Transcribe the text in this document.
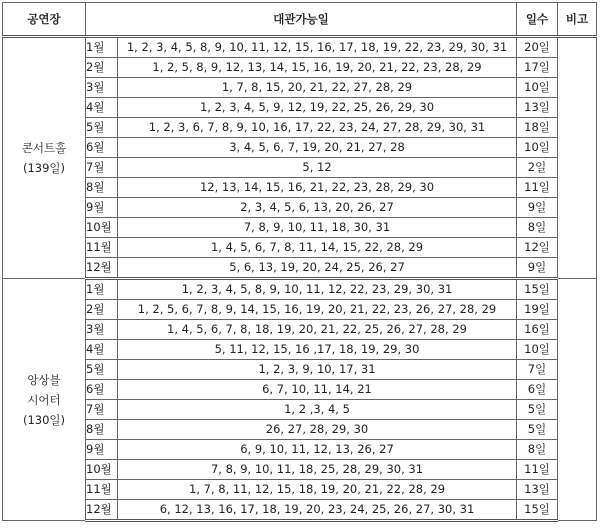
공연장	대관가능일		일수	비고

콘서트홀
(139일)	1월	1, 2, 3, 4, 5, 8, 9, 10, 11, 12, 15, 16, 17, 18, 19, 22, 23, 29, 30, 31	20일	
	2월	1, 2, 5, 8, 9, 12, 13, 14, 15, 16, 19, 20, 21, 22, 23, 28, 29	17일	
	3월	1, 7, 8, 15, 20, 21, 22, 27, 28, 29	10일	
	4월	1, 2, 3, 4, 5, 9, 12, 19, 22, 25, 26, 29, 30	13일	
	5월	1, 2, 3, 6, 7, 8, 9, 10, 16, 17, 22, 23, 24, 27, 28, 29, 30, 31	18일	
	6월	3, 4, 5, 6, 7, 19, 20, 21, 27, 28	10일	
	7월	5, 12	2일	
	8월	12, 13, 14, 15, 16, 21, 22, 23, 28, 29, 30	11일	
	9월	2, 3, 4, 5, 6, 13, 20, 26, 27	9일	
	10월	7, 8, 9, 10, 11, 18, 30, 31	8일	
	11월	1, 4, 5, 6, 7, 8, 11, 14, 15, 22, 28, 29	12일	
	12월	5, 6, 13, 19, 20, 24, 25, 26, 27	9일	

앙상블
시어터
(130일)	1월	1, 2, 3, 4, 5, 8, 9, 10, 11, 12, 22, 23, 29, 30, 31	15일	
	2월	1, 2, 5, 6, 7, 8, 9, 14, 15, 16, 19, 20, 21, 22, 23, 26, 27, 28, 29	19일	
	3월	1, 4, 5, 6, 7, 8, 18, 19, 20, 21, 22, 25, 26, 27, 28, 29	16일	
	4월	5, 11, 12, 15, 16 ,17, 18, 19, 29, 30	10일	
	5월	1, 2, 3, 9, 10, 17, 31	7일	
	6월	6, 7, 10, 11, 14, 21	6일	
	7월	1, 2 ,3, 4, 5	5일	
	8월	26, 27, 28, 29, 30	5일	
	9월	6, 9, 10, 11, 12, 13, 26, 27	8일	
	10월	7, 8, 9, 10, 11, 18, 25, 28, 29, 30, 31	11일	
	11월	1, 7, 8, 11, 12, 15, 18, 19, 20, 21, 22, 28, 29	13일	
	12월	6, 12, 13, 16, 17, 18, 19, 20, 23, 24, 25, 26, 27, 30, 31	15일	
